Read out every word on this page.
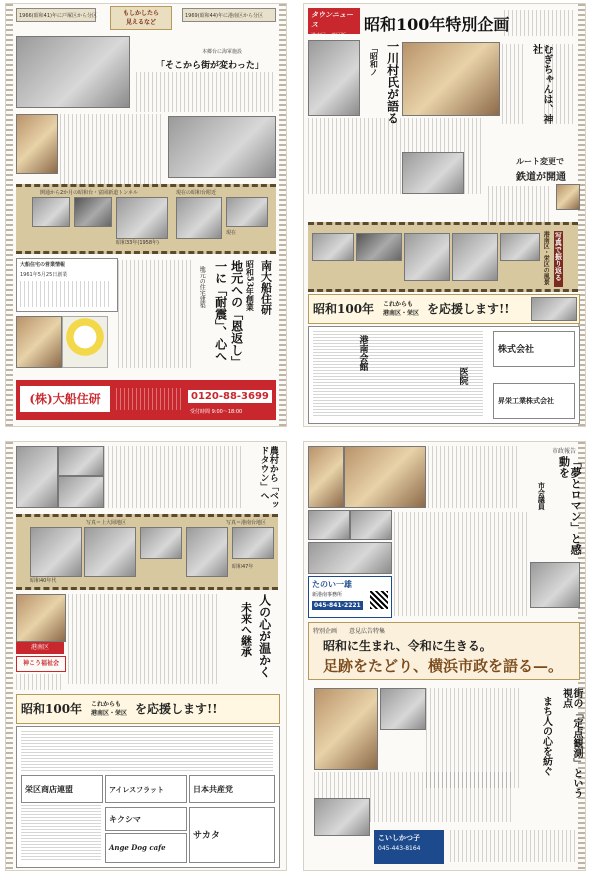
1966(昭和41)年に戸塚区から分区	もしかしたら
見えるなど
1969(昭和44)年に港南区から分区
本郷台に海軍施設
「そこから街が変わった」
開通から2か月の昭和台・富岡新道トンネル	現在の昭和台附近
昭和33年(1958年)
現在
大船住宅の営業情報
1961年5月25日創業	南大船住研
昭和53年創業
地元への「恩返し」
一に「耐震」、心へ
地元の住宅建築
(株)大船住研	0120-88-3699
受付時間 9:00〜18:00
タウンニュース
港南区・栄区版
昭和100年特別企画
一川村氏が語る
「昭和ノ	むぎちゃんは、神社
ルート変更で
鉄道が開通
写真で振り返る
港南区・栄区の風景
昭和100年 これからも
港南区・栄区 を応援します!!
港南会館
医院
株式会社
昇栄工業株式会社
農村から「ベッドタウン」へ
写真＝上大岡地区	写真＝港南台地区
昭和40年代
昭和47年
港南区
神こう福祉会	人の心が温かく
未来へ継承
昭和100年 これからも
港南区・栄区 を応援します!!
栄区商店連盟	アイレスフラット	日本共産党
キクシマ
Ange Dog cafe
サカタ
市政報告
「夢とロマン」と感動を
市会議員
たのい一雄
新港南事務所
045-841-2221
特別企画 意見広告特集
昭和に生まれ、令和に生きる。
足跡をたどり、横浜市政を語る—。
街の「定点観測」という視点
まち人の心を紡ぐ
こいしかつ子
045-443-8164
